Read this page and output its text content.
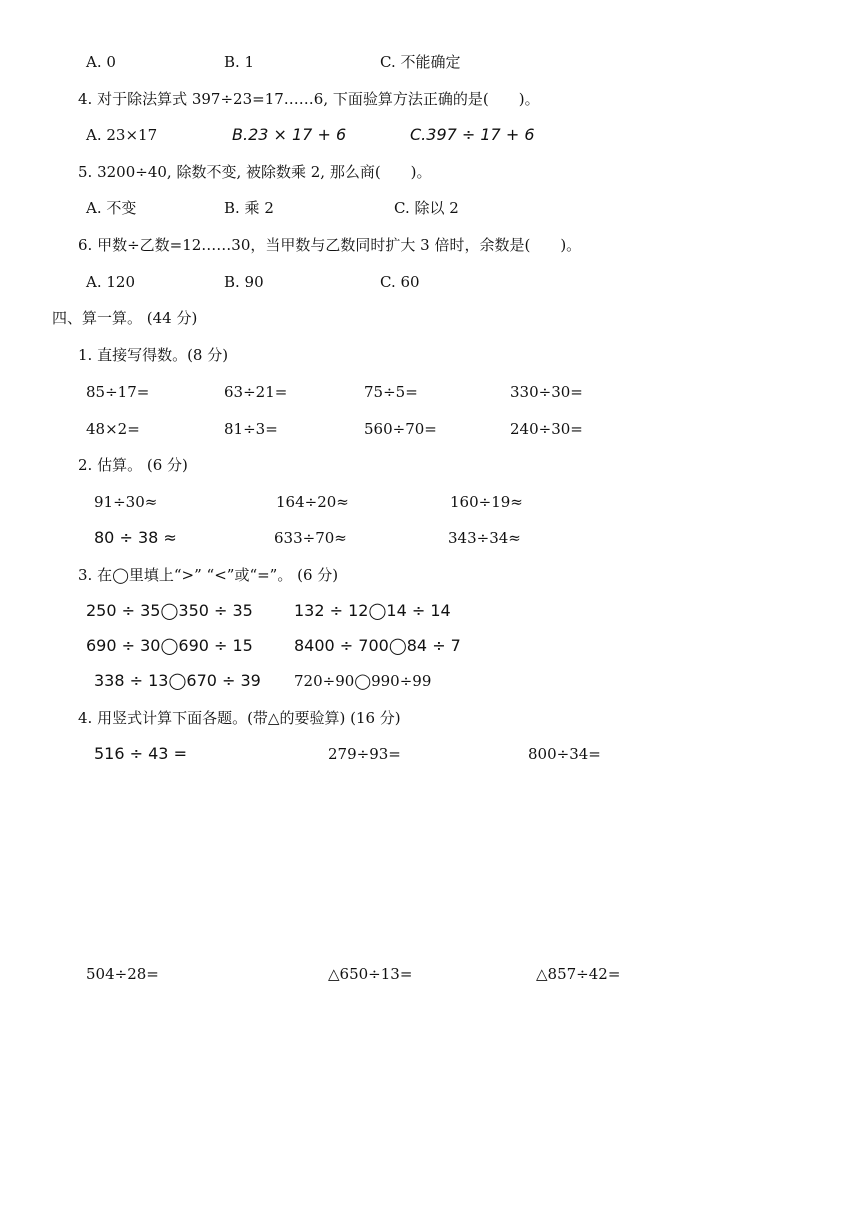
A. 0	B. 1	C. 不能确定
4. 对于除法算式 397÷23=17……6, 下面验算方法正确的是(　　)。
A. 23×17	B.23 × 17 + 6	C.397 ÷ 17 + 6
5. 3200÷40, 除数不变, 被除数乘 2, 那么商(　　)。
A. 不变	B. 乘 2	C. 除以 2
6. 甲数÷乙数=12……30，当甲数与乙数同时扩大 3 倍时，余数是(　　)。
A. 120	B. 90	C. 60
四、算一算。 (44 分)
1. 直接写得数。(8 分)
85÷17=	63÷21=	75÷5=	330÷30=
48×2=	81÷3=	560÷70=	240÷30=
2. 估算。 (6 分)
91÷30≈	164÷20≈	160÷19≈
80 ÷ 38 ≈	633÷70≈	343÷34≈
3. 在◯里填上“>” “<”或“=”。 (6 分)
250 ÷ 35◯350 ÷ 35	132 ÷ 12◯14 ÷ 14
690 ÷ 30◯690 ÷ 15	8400 ÷ 700◯84 ÷ 7
338 ÷ 13◯670 ÷ 39 720÷90◯990÷99
4. 用竖式计算下面各题。(带△的要验算) (16 分)
516 ÷ 43 =	279÷93=	800÷34=
504÷28=	△650÷13=	△857÷42=
